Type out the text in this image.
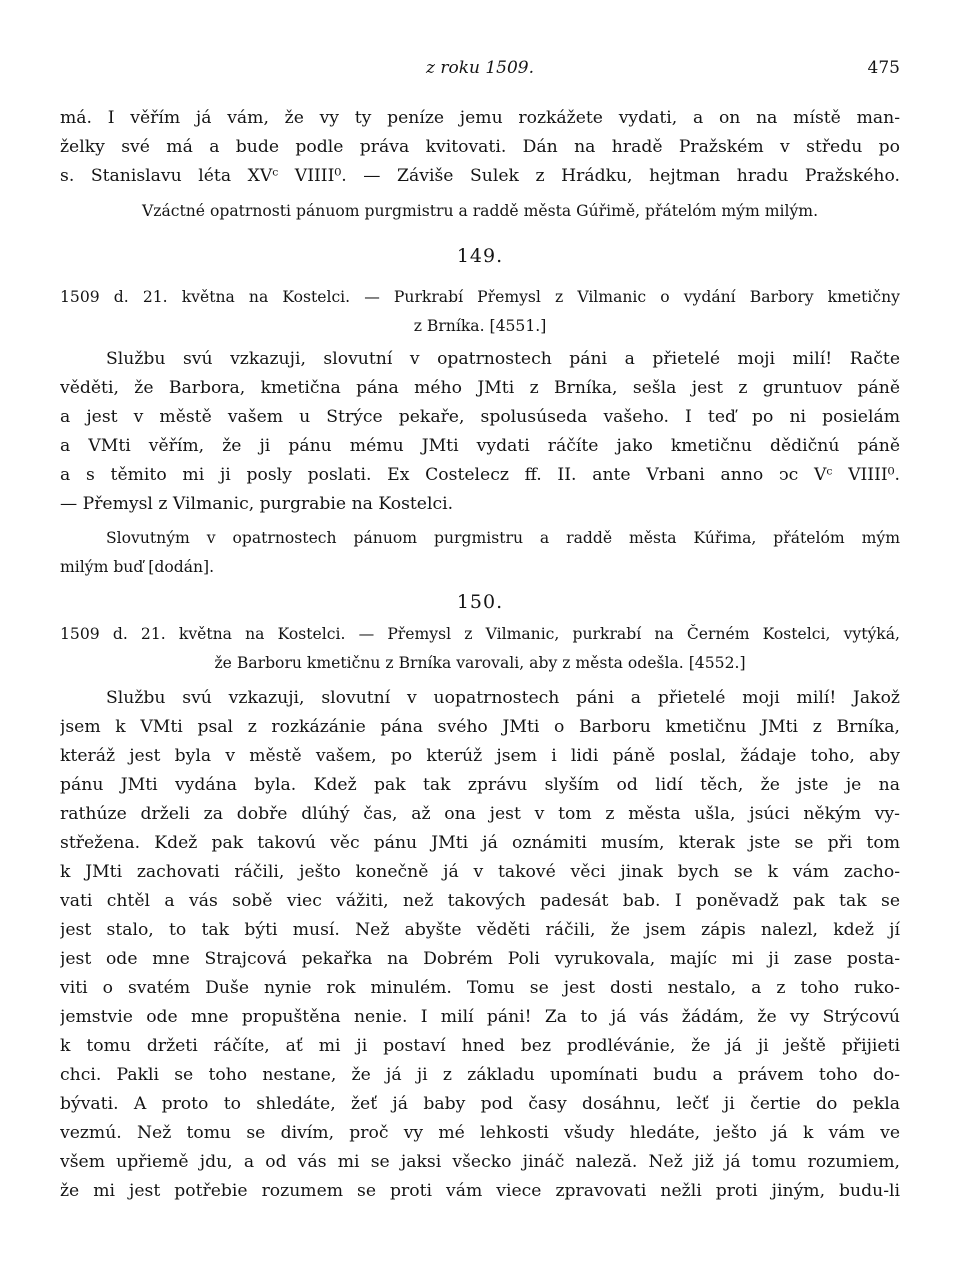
z roku 1509.	475
má. I věřím já vám, že vy ty peníze jemu rozkážete vydati, a on na místě man-
želky své má a bude podle práva kvitovati. Dán na hradě Pražském v středu po
s. Stanislavu léta XVᶜ VIIII⁰. — Záviše Sulek z Hrádku, hejtman hradu Pražského.
Vzáctné opatrnosti pánuom purgmistru a raddě města Gúřimě, přátelóm mým milým.
149.
1509 d. 21. května na Kostelci. — Purkrabí Přemysl z Vilmanic o vydání Barbory kmetičny
z Brníka. [4551.]
Službu svú vzkazuji, slovutní v opatrnostech páni a přietelé moji milí! Račte
věděti, že Barbora, kmetična pána mého JMti z Brníka, sešla jest z gruntuov páně
a jest v městě vašem u Strýce pekaře, spolusúseda vašeho. I teď po ni posielám
a VMti věřím, že ji pánu mému JMti vydati ráčíte jako kmetičnu dědičnú páně
a s těmito mi ji posly poslati. Ex Costelecz ff. II. ante Vrbani anno ↄc Vᶜ VIIII⁰.
— Přemysl z Vilmanic, purgrabie na Kostelci.
Slovutným v opatrnostech pánuom purgmistru a raddě města Kúřima, přátelóm mým
milým buď [dodán].
150.
1509 d. 21. května na Kostelci. — Přemysl z Vilmanic, purkrabí na Černém Kostelci, vytýká,
že Barboru kmetičnu z Brníka varovali, aby z města odešla. [4552.]
Službu svú vzkazuji, slovutní v uopatrnostech páni a přietelé moji milí! Jakož
jsem k VMti psal z rozkázánie pána svého JMti o Barboru kmetičnu JMti z Brníka,
kteráž jest byla v městě vašem, po kterúž jsem i lidi páně poslal, žádaje toho, aby
pánu JMti vydána byla. Kdež pak tak zprávu slyším od lidí těch, že jste je na
rathúze drželi za dobře dlúhý čas, až ona jest v tom z města ušla, jsúci někým vy-
střežena. Kdež pak takovú věc pánu JMti já oznámiti musím, kterak jste se při tom
k JMti zachovati ráčili, ješto konečně já v takové věci jinak bych se k vám zacho-
vati chtěl a vás sobě viec vážiti, než takových padesát bab. I poněvadž pak tak se
jest stalo, to tak býti musí. Než abyšte věděti ráčili, že jsem zápis nalezl, kdež jí
jest ode mne Strajcová pekařka na Dobrém Poli vyrukovala, majíc mi ji zase posta-
viti o svatém Duše nynie rok minulém. Tomu se jest dosti nestalo, a z toho ruko-
jemstvie ode mne propuštěna nenie. I milí páni! Za to já vás žádám, že vy Strýcovú
k tomu držeti ráčíte, ať mi ji postaví hned bez prodlévánie, že já ji ještě přijieti
chci. Pakli se toho nestane, že já ji z základu upomínati budu a právem toho do-
bývati. A proto to shledáte, žeť já baby pod časy dosáhnu, lečť ji čertie do pekla
vezmú. Než tomu se divím, proč vy mé lehkosti všudy hledáte, ješto já k vám ve
všem upřiemě jdu, a od vás mi se jaksi všecko jináč naleză. Než již já tomu rozumiem,
že mi jest potřebie rozumem se proti vám viece zpravovati nežli proti jiným, budu-li
